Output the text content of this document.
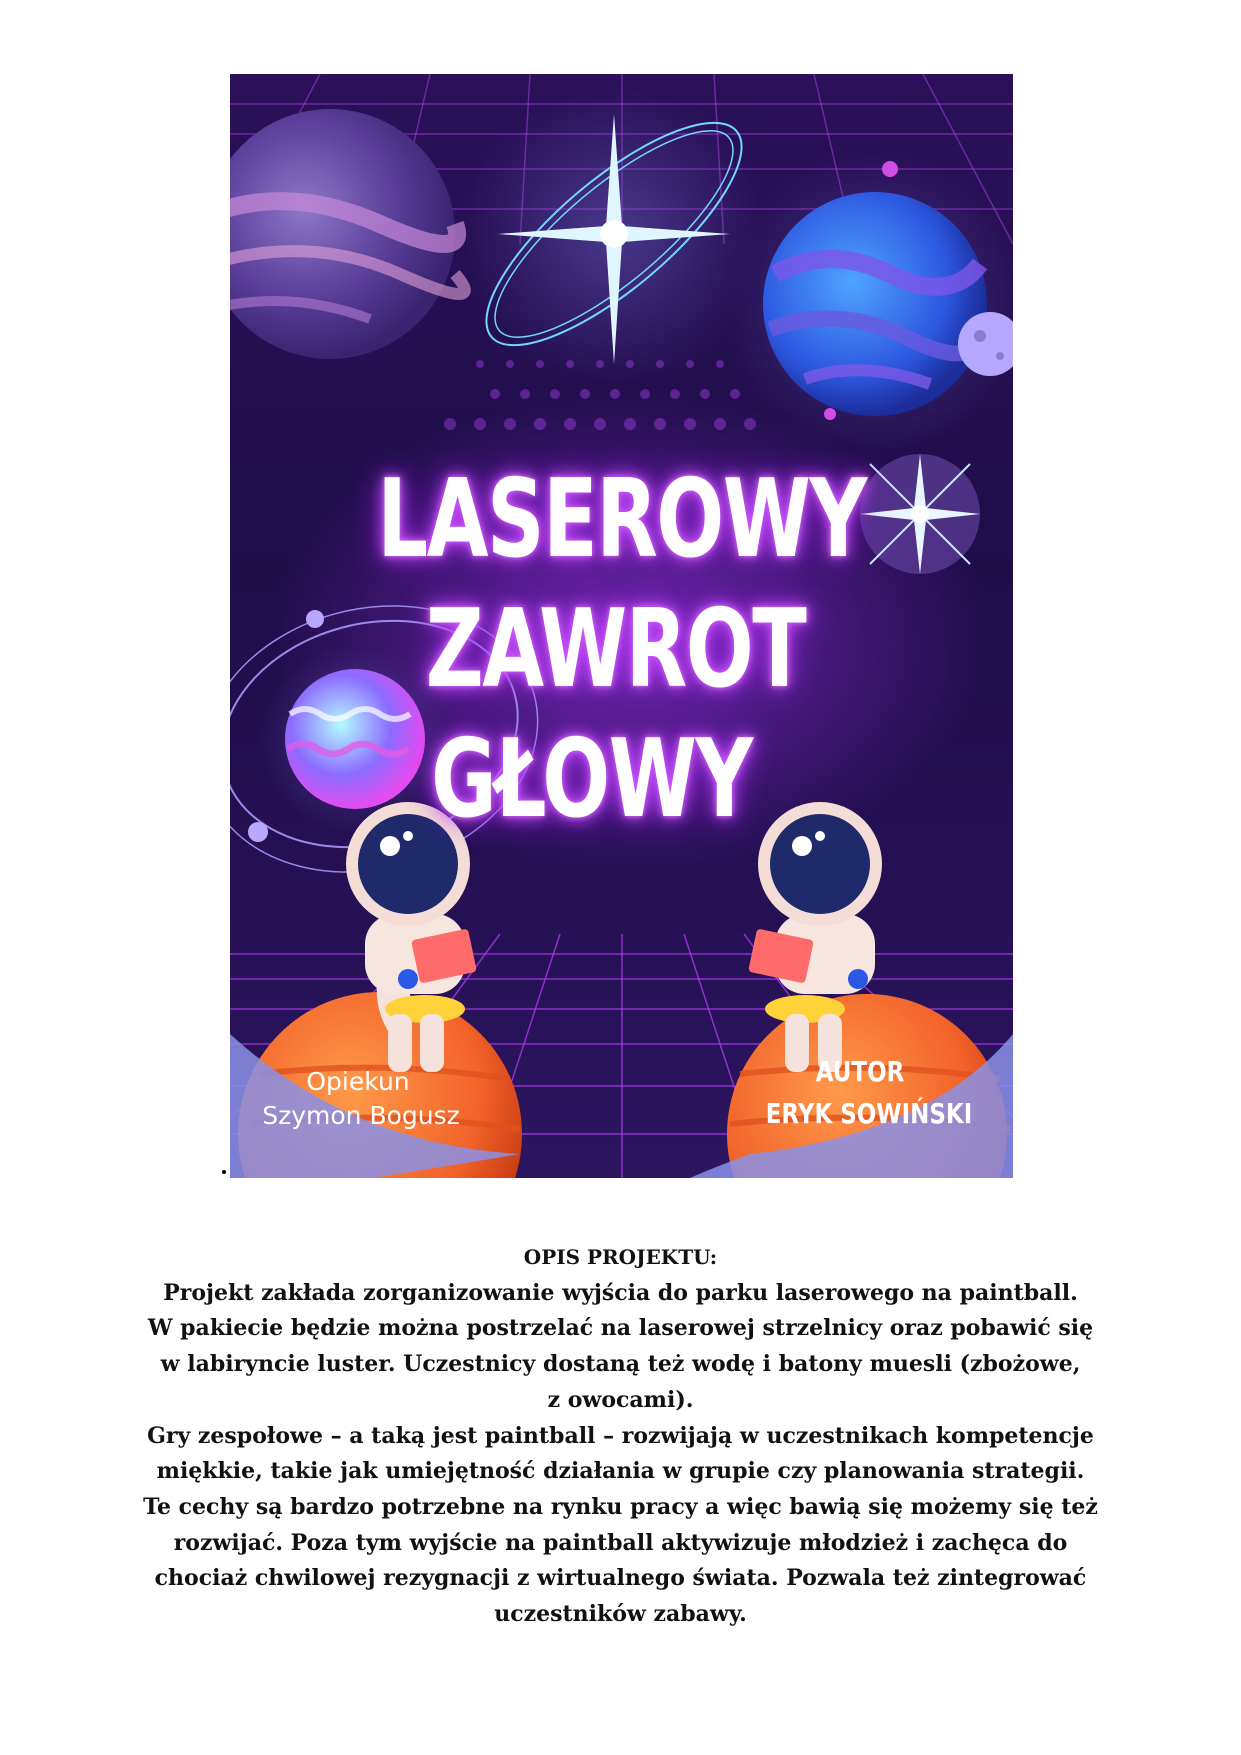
LASEROWY
ZAWROT
GŁOWY
Opiekun
Szymon Bogusz
AUTOR
ERYK SOWIŃSKI
OPIS PROJEKTU:
Projekt zakłada zorganizowanie wyjścia do parku laserowego na paintball.
W pakiecie będzie można postrzelać na laserowej strzelnicy oraz pobawić się
w labiryncie luster. Uczestnicy dostaną też wodę i batony muesli (zbożowe,
z owocami).
Gry zespołowe – a taką jest paintball – rozwijają w uczestnikach kompetencje
miękkie, takie jak umiejętność działania w grupie czy planowania strategii.
Te cechy są bardzo potrzebne na rynku pracy a więc bawią się możemy się też
rozwijać. Poza tym wyjście na paintball aktywizuje młodzież i zachęca do
chociaż chwilowej rezygnacji z wirtualnego świata. Pozwala też zintegrować
uczestników zabawy.
